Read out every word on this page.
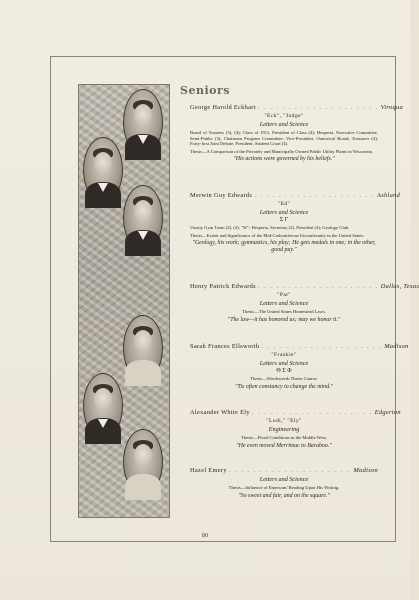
Seniors
George Harold Eckhart . . . . . . . . . . . . . . . . . . . . Viroqua
"Eck", "Judge"
Letters and Science
Board of Trustees (3), (4); Class of 1911, President of Class (4); Hesperia, Executive Committee, Semi-Public (3); Chairman Program Committee; Vice-President, Oratorical Board, Treasurer (4); Forty-first Joint Debate, President; Student Court (4).
Thesis—A Comparison of the Privately and Municipally Owned Public Utility Plants in Wisconsin.
"His actions were governed by his beliefs."
Merwin Guy Edwards . . . . . . . . . . . . . . . . . . . . Ashland
"Ed"
Letters and Science
Σ Γ
Varsity Gym Team (2), (4), "W"; Hesperia, Secretary (2), President (4); Geology Club.
Thesis—Extent and Significance of the Mid-Carboniferous Unconformity in the United States.
"Geology, his work; gymnastics, his play; He gets medals in one; in the other, good pay."
Henry Patrick Edwards . . . . . . . . . . . . . . . . . . . . Dallas, Texas
"Pat"
Letters and Science
Thesis—The United States Homestead Laws.
"The law—it has honored us; may we honor it."
Sarah Frances Ellsworth . . . . . . . . . . . . . . . . . . . . Madison
"Frankie"
Letters and Science
Θ Σ Φ
Thesis—Wordsworth Thesis Course.
"Tis often constancy to change the mind."
Alexander White Ely . . . . . . . . . . . . . . . . . . . . Edgerton
"Lodi," "Ely"
Engineering
Thesis—Flood Conditions in the Middle West.
"He even moved Merrimac to Baraboo."
Hazel Emery . . . . . . . . . . . . . . . . . . . . Madison
Letters and Science
Thesis—Influence of Emersons' Reading Upon His Writing.
"So sweet and fair, and on the square."
80
